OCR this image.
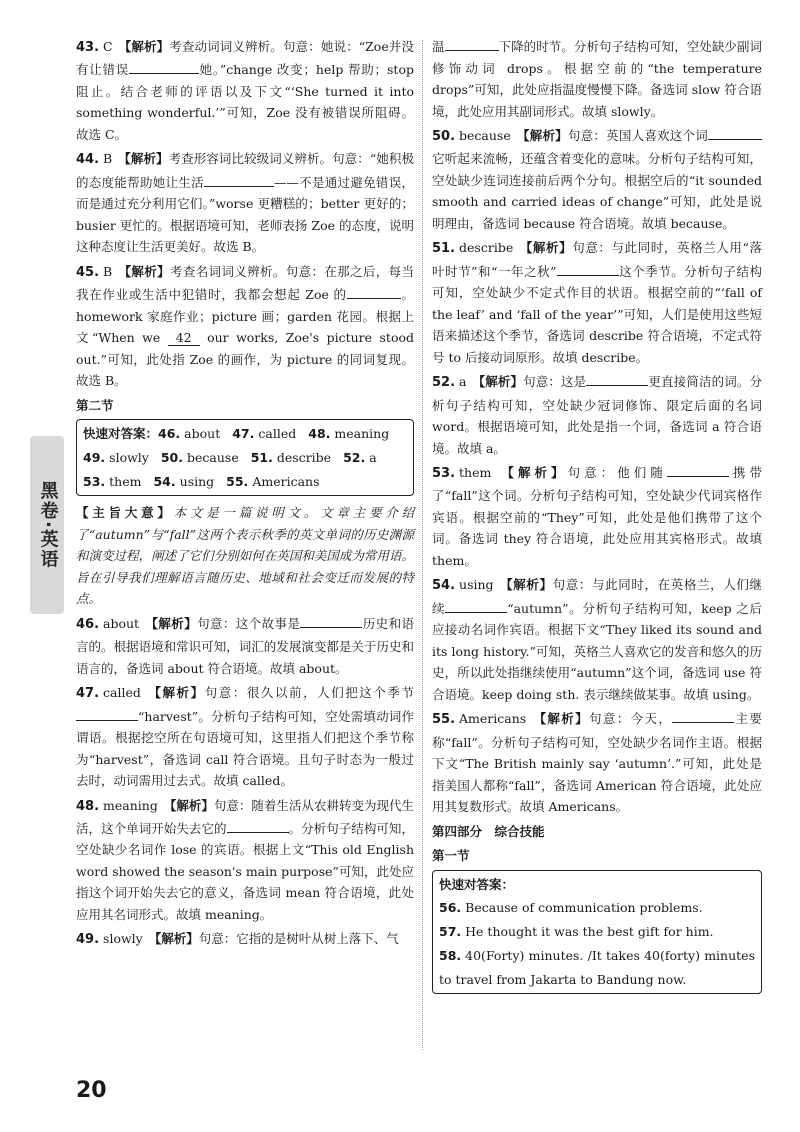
黑卷·英语
43. C 【解析】考查动词词义辨析。句意：她说：“Zoe并没有让错误	她。”change 改变；help 帮助；stop 阻止。结合老师的评语以及下文“‘She turned it into something wonderful.’”可知，Zoe 没有被错误所阻碍。故选 C。
44. B 【解析】考查形容词比较级词义辨析。句意：“她积极的态度能帮助她让生活	——不是通过避免错误，而是通过充分利用它们。”worse 更糟糕的；better 更好的；busier 更忙的。根据语境可知，老师表扬 Zoe 的态度，说明这种态度让生活更美好。故选 B。
45. B 【解析】考查名词词义辨析。句意：在那之后，每当我在作业或生活中犯错时，我都会想起 Zoe 的	。homework 家庭作业；picture 画；garden 花园。根据上文“When we 42 our works, Zoe's picture stood out.”可知，此处指 Zoe 的画作，为 picture 的同词复现。故选 B。
第二节
快速对答案：46. about 47. called 48. meaning
49. slowly 50. because 51. describe 52. a
53. them 54. using 55. Americans
【主旨大意】本文是一篇说明文。文章主要介绍了“autumn”与“fall”这两个表示秋季的英文单词的历史渊源和演变过程，阐述了它们分别如何在英国和美国成为常用语。旨在引导我们理解语言随历史、地域和社会变迁而发展的特点。
46. about 【解析】句意：这个故事是	历史和语言的。根据语境和常识可知，词汇的发展演变都是关于历史和语言的，备选词 about 符合语境。故填 about。
47. called 【解析】句意：很久以前，人们把这个季节“harvest”。分析句子结构可知，空处需填动词作谓语。根据挖空所在句语境可知，这里指人们把这个季节称为“harvest”，备选词 call 符合语境。且句子时态为一般过去时，动词需用过去式。故填 called。
48. meaning 【解析】句意：随着生活从农耕转变为现代生活，这个单词开始失去它的	。分析句子结构可知，空处缺少名词作 lose 的宾语。根据上文“This old English word showed the season's main purpose”可知，此处应指这个词开始失去它的意义，备选词 mean 符合语境，此处应用其名词形式。故填 meaning。
49. slowly 【解析】句意：它指的是树叶从树上落下、气
温	下降的时节。分析句子结构可知，空处缺少副词修饰动词 drops。根据空前的“the temperature drops”可知，此处应指温度慢慢下降。备选词 slow 符合语境，此处应用其副词形式。故填 slowly。
50. because 【解析】句意：英国人喜欢这个词它听起来流畅，还蕴含着变化的意味。分析句子结构可知，空处缺少连词连接前后两个分句。根据空后的“it sounded smooth and carried ideas of change”可知，此处是说明理由，备选词 because 符合语境。故填 because。
51. describe 【解析】句意：与此同时，英格兰人用“落叶时节”和“一年之秋”	这个季节。分析句子结构可知，空处缺少不定式作目的状语。根据空前的“‘fall of the leaf’ and ‘fall of the year’”可知，人们是使用这些短语来描述这个季节，备选词 describe 符合语境，不定式符号 to 后接动词原形。故填 describe。
52. a 【解析】句意：这是	更直接简洁的词。分析句子结构可知，空处缺少冠词修饰、限定后面的名词 word。根据语境可知，此处是指一个词，备选词 a 符合语境。故填 a。
53. them 【解析】句意：他们随	携带了“fall”这个词。分析句子结构可知，空处缺少代词宾格作宾语。根据空前的“They”可知，此处是他们携带了这个词。备选词 they 符合语境，此处应用其宾格形式。故填 them。
54. using 【解析】句意：与此同时，在英格兰，人们继续	“autumn”。分析句子结构可知，keep 之后应接动名词作宾语。根据下文“They liked its sound and its long history.”可知，英格兰人喜欢它的发音和悠久的历史，所以此处指继续使用“autumn”这个词，备选词 use 符合语境。keep doing sth. 表示继续做某事。故填 using。
55. Americans 【解析】句意：今天，	主要称“fall”。分析句子结构可知，空处缺少名词作主语。根据下文“The British mainly say ‘autumn’.”可知，此处是指美国人都称“fall”，备选词 American 符合语境，此处应用其复数形式。故填 Americans。
第四部分　综合技能
第一节
快速对答案：
56. Because of communication problems.
57. He thought it was the best gift for him.
58. 40(Forty) minutes. /It takes 40(forty) minutes to travel from Jakarta to Bandung now.
20
